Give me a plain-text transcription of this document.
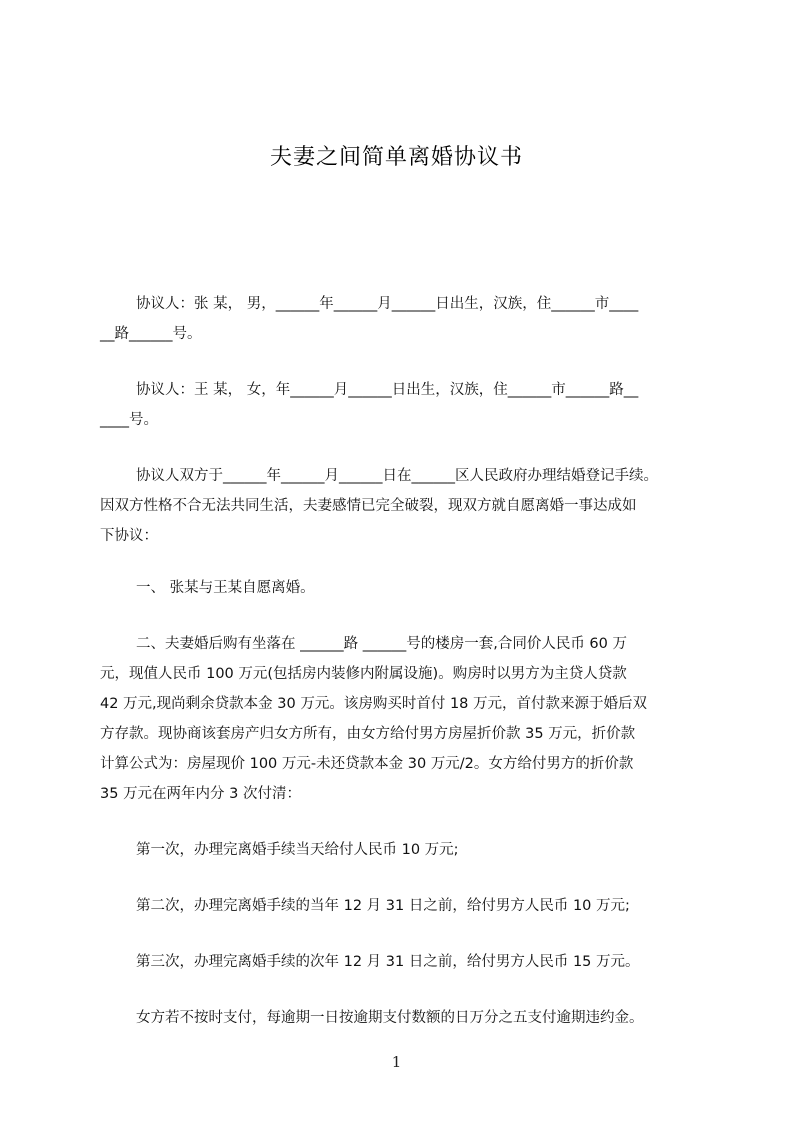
夫妻之间简单离婚协议书

协议人：张 某， 男，______年______月______日出生，汉族，住______市____
__路______号。

协议人：王 某， 女，年______月______日出生，汉族，住______市______路__
____号。

协议人双方于______年______月______日在______区人民政府办理结婚登记手续。
因双方性格不合无法共同生活，夫妻感情已完全破裂，现双方就自愿离婚一事达成如
下协议：

一、 张某与王某自愿离婚。

二、夫妻婚后购有坐落在 ______路 ______号的楼房一套,合同价人民币 60 万
元，现值人民币 100 万元(包括房内装修内附属设施)。购房时以男方为主贷人贷款
42 万元,现尚剩余贷款本金 30 万元。该房购买时首付 18 万元，首付款来源于婚后双
方存款。现协商该套房产归女方所有，由女方给付男方房屋折价款 35 万元，折价款
计算公式为：房屋现价 100 万元-未还贷款本金 30 万元/2。女方给付男方的折价款
35 万元在两年内分 3 次付清：

第一次，办理完离婚手续当天给付人民币 10 万元;

第二次，办理完离婚手续的当年 12 月 31 日之前，给付男方人民币 10 万元;

第三次，办理完离婚手续的次年 12 月 31 日之前，给付男方人民币 15 万元。

女方若不按时支付，每逾期一日按逾期支付数额的日万分之五支付逾期违约金。

1
